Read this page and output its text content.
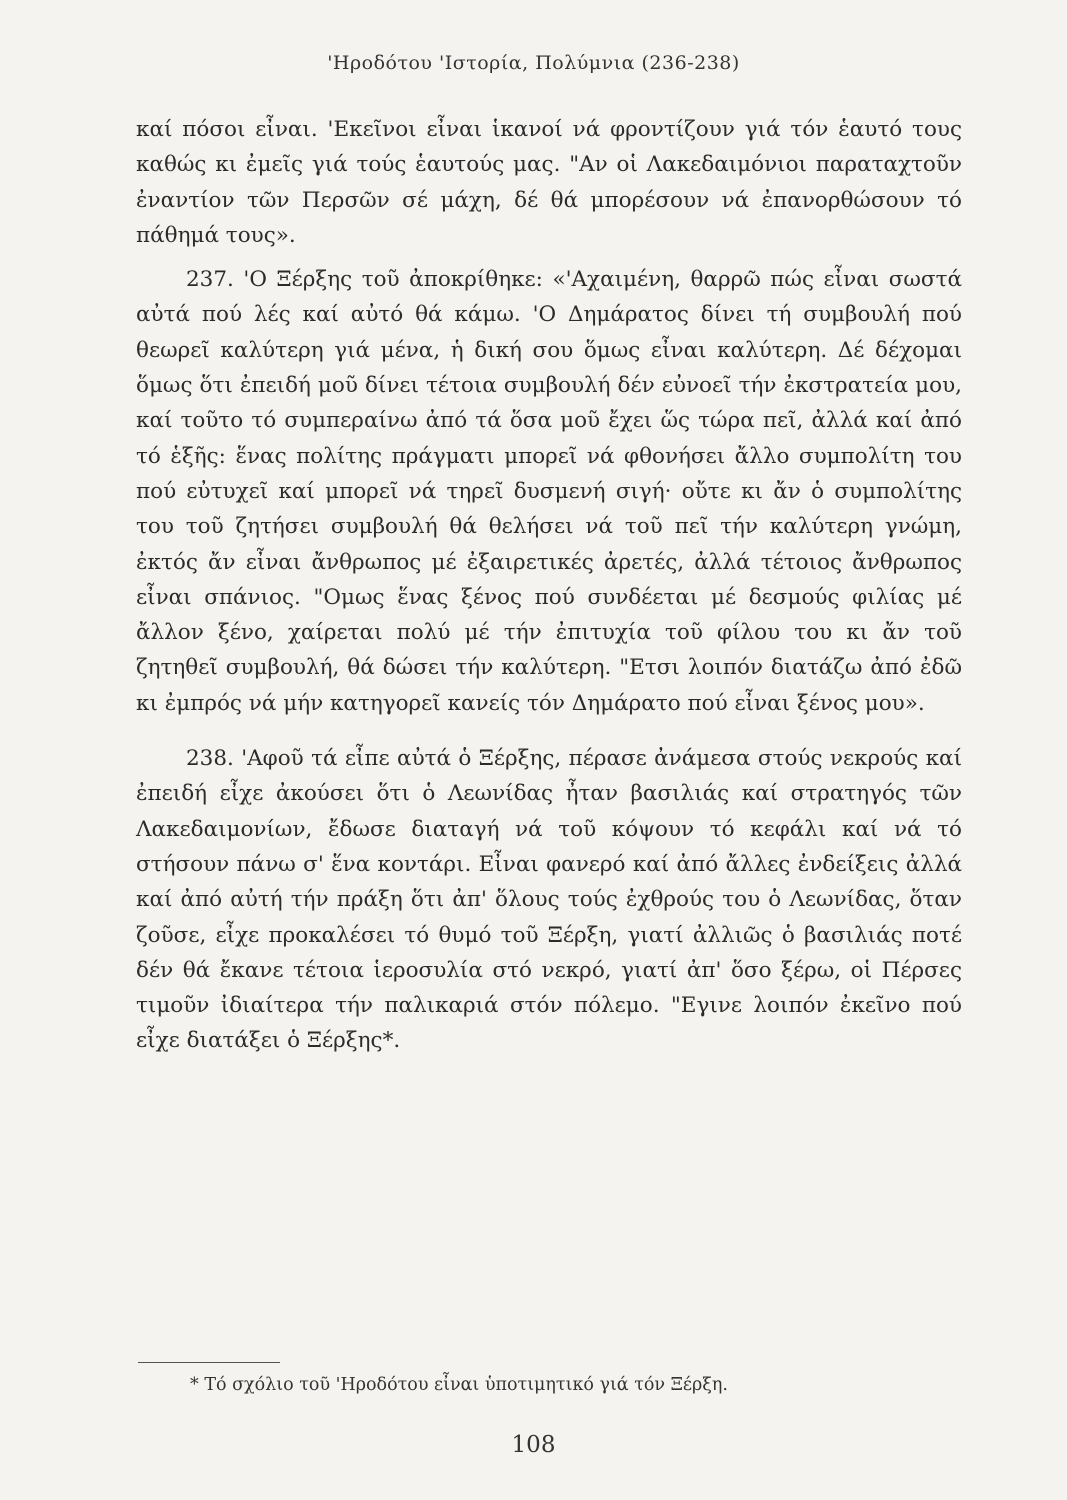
'Ηροδότου 'Ιστορία, Πολύμνια (236-238)

καί πόσοι εἶναι. 'Εκεῖνοι εἶναι ἱκανοί νά φροντίζουν γιά τόν ἑαυτό τους καθώς κι ἐμεῖς γιά τούς ἑαυτούς μας. "Αν οἱ Λακεδαιμόνιοι παραταχτοῦν ἐναντίον τῶν Περσῶν σέ μάχη, δέ θά μπορέσουν νά ἐπανορθώσουν τό πάθημά τους».

237. 'Ο Ξέρξης τοῦ ἀποκρίθηκε: «'Αχαιμένη, θαρρῶ πώς εἶναι σωστά αὐτά πού λές καί αὐτό θά κάμω. 'Ο Δημάρατος δίνει τή συμβουλή πού θεωρεῖ καλύτερη γιά μένα, ἡ δική σου ὅμως εἶναι καλύτερη. Δέ δέχομαι ὅμως ὅτι ἐπειδή μοῦ δίνει τέτοια συμβουλή δέν εὐνοεῖ τήν ἐκστρατεία μου, καί τοῦτο τό συμπεραίνω ἀπό τά ὅσα μοῦ ἔχει ὥς τώρα πεῖ, ἀλλά καί ἀπό τό ἑξῆς: ἕνας πολίτης πράγματι μπορεῖ νά φθονήσει ἄλλο συμπολίτη του πού εὐτυχεῖ καί μπορεῖ νά τηρεῖ δυσμενή σιγή· οὔτε κι ἄν ὁ συμπολίτης του τοῦ ζητήσει συμβουλή θά θελήσει νά τοῦ πεῖ τήν καλύτερη γνώμη, ἐκτός ἄν εἶναι ἄνθρωπος μέ ἐξαιρετικές ἀρετές, ἀλλά τέτοιος ἄνθρωπος εἶναι σπάνιος. "Ομως ἕνας ξένος πού συνδέεται μέ δεσμούς φιλίας μέ ἄλλον ξένο, χαίρεται πολύ μέ τήν ἐπιτυχία τοῦ φίλου του κι ἄν τοῦ ζητηθεῖ συμβουλή, θά δώσει τήν καλύτερη. "Ετσι λοιπόν διατάζω ἀπό ἐδῶ κι ἐμπρός νά μήν κατηγορεῖ κανείς τόν Δημάρατο πού εἶναι ξένος μου».

238. 'Αφοῦ τά εἶπε αὐτά ὁ Ξέρξης, πέρασε ἀνάμεσα στούς νεκρούς καί ἐπειδή εἶχε ἀκούσει ὅτι ὁ Λεωνίδας ἦταν βασιλιάς καί στρατηγός τῶν Λακεδαιμονίων, ἔδωσε διαταγή νά τοῦ κόψουν τό κεφάλι καί νά τό στήσουν πάνω σ' ἕνα κοντάρι. Εἶναι φανερό καί ἀπό ἄλλες ἐνδείξεις ἀλλά καί ἀπό αὐτή τήν πράξη ὅτι ἀπ' ὅλους τούς ἐχθρούς του ὁ Λεωνίδας, ὅταν ζοῦσε, εἶχε προκαλέσει τό θυμό τοῦ Ξέρξη, γιατί ἀλλιῶς ὁ βασιλιάς ποτέ δέν θά ἔκανε τέτοια ἱεροσυλία στό νεκρό, γιατί ἀπ' ὅσο ξέρω, οἱ Πέρσες τιμοῦν ἰδιαίτερα τήν παλικαριά στόν πόλεμο. "Εγινε λοιπόν ἐκεῖνο πού εἶχε διατάξει ὁ Ξέρξης*.

* Τό σχόλιο τοῦ 'Ηροδότου εἶναι ὑποτιμητικό γιά τόν Ξέρξη.
108
